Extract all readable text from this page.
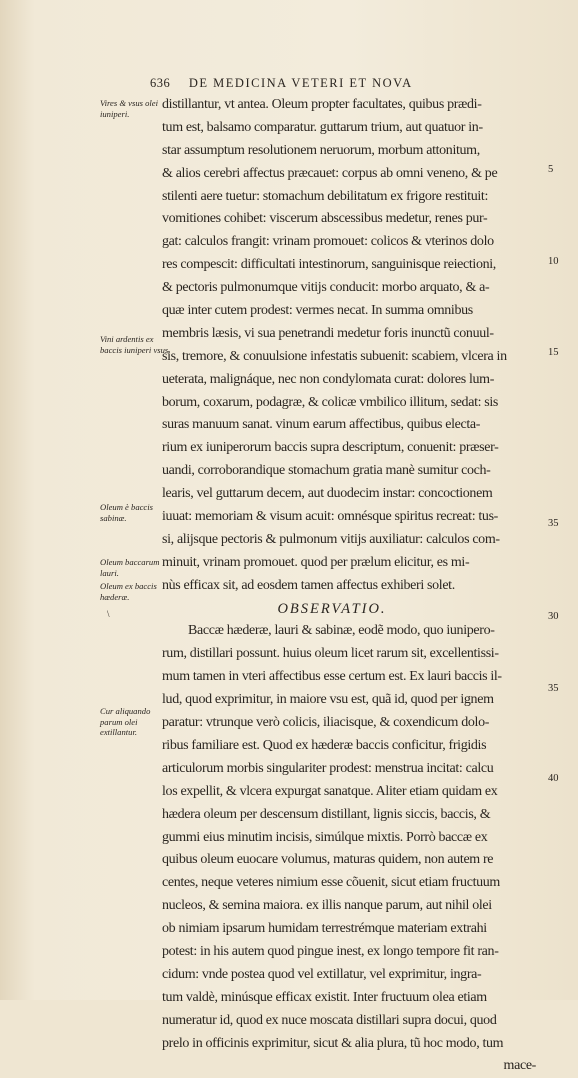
636 DE MEDICINA VETERI ET NOVA
Vires & vsus olei iuniperi.
Vini ardentis ex baccis iuniperi vsus.
Oleum è baccis sabinæ.
Oleum baccarum lauri.
Oleum ex baccis hæderæ.
Cur aliquando parum olei extillantur.
\
5
10
15
35
30
35
40
distillantur, vt antea. Oleum propter facultates, quibus prædi-
tum est, balsamo comparatur. guttarum trium, aut quatuor in-
star assumptum resolutionem neruorum, morbum attonitum,
& alios cerebri affectus præcauet: corpus ab omni veneno, & pe
stilenti aere tuetur: stomachum debilitatum ex frigore restituit:
vomitiones cohibet: viscerum abscessibus medetur, renes pur-
gat: calculos frangit: vrinam promouet: colicos & vterinos dolo
res compescit: difficultati intestinorum, sanguinisque reiectioni,
& pectoris pulmonumque vitijs conducit: morbo arquato, & a-
quæ inter cutem prodest: vermes necat. In summa omnibus
membris læsis, vi sua penetrandi medetur foris inunctũ conuul-
sis, tremore, & conuulsione infestatis subuenit: scabiem, vlcera in
ueterata, malignáque, nec non condylomata curat: dolores lum-
borum, coxarum, podagræ, & colicæ vmbilico illitum, sedat: sis
suras manuum sanat. vinum earum affectibus, quibus electa-
rium ex iuniperorum baccis supra descriptum, conuenit: præser-
uandi, corroborandique stomachum gratia manè sumitur coch-
learis, vel guttarum decem, aut duodecim instar: concoctionem
iuuat: memoriam & visum acuit: omnésque spiritus recreat: tus-
si, alijsque pectoris & pulmonum vitijs auxiliatur: calculos com-
minuit, vrinam promouet. quod per prælum elicitur, es mi-
nùs efficax sit, ad eosdem tamen affectus exhiberi solet.
OBSERVATIO.
Baccæ hæderæ, lauri & sabinæ, eodẽ modo, quo iunipero-
rum, distillari possunt. huius oleum licet rarum sit, excellentissi-
mum tamen in vteri affectibus esse certum est. Ex lauri baccis il-
lud, quod exprimitur, in maiore vsu est, quã id, quod per ignem
paratur: vtrunque verò colicis, iliacisque, & coxendicum dolo-
ribus familiare est. Quod ex hæderæ baccis conficitur, frigidis
articulorum morbis singulariter prodest: menstrua incitat: calcu
los expellit, & vlcera expurgat sanatque. Aliter etiam quidam ex
hædera oleum per descensum distillant, lignis siccis, baccis, &
gummi eius minutim incisis, simúlque mixtis. Porrò baccæ ex
quibus oleum euocare volumus, maturas quidem, non autem re
centes, neque veteres nimium esse cõuenit, sicut etiam fructuum
nucleos, & semina maiora. ex illis nanque parum, aut nihil olei
ob nimiam ipsarum humidam terrestrémque materiam extrahi
potest: in his autem quod pingue inest, ex longo tempore fit ran-
cidum: vnde postea quod vel extillatur, vel exprimitur, ingra-
tum valdè, minúsque efficax existit. Inter fructuum olea etiam
numeratur id, quod ex nuce moscata distillari supra docui, quod
prelo in officinis exprimitur, sicut & alia plura, tũ hoc modo, tum
mace-
